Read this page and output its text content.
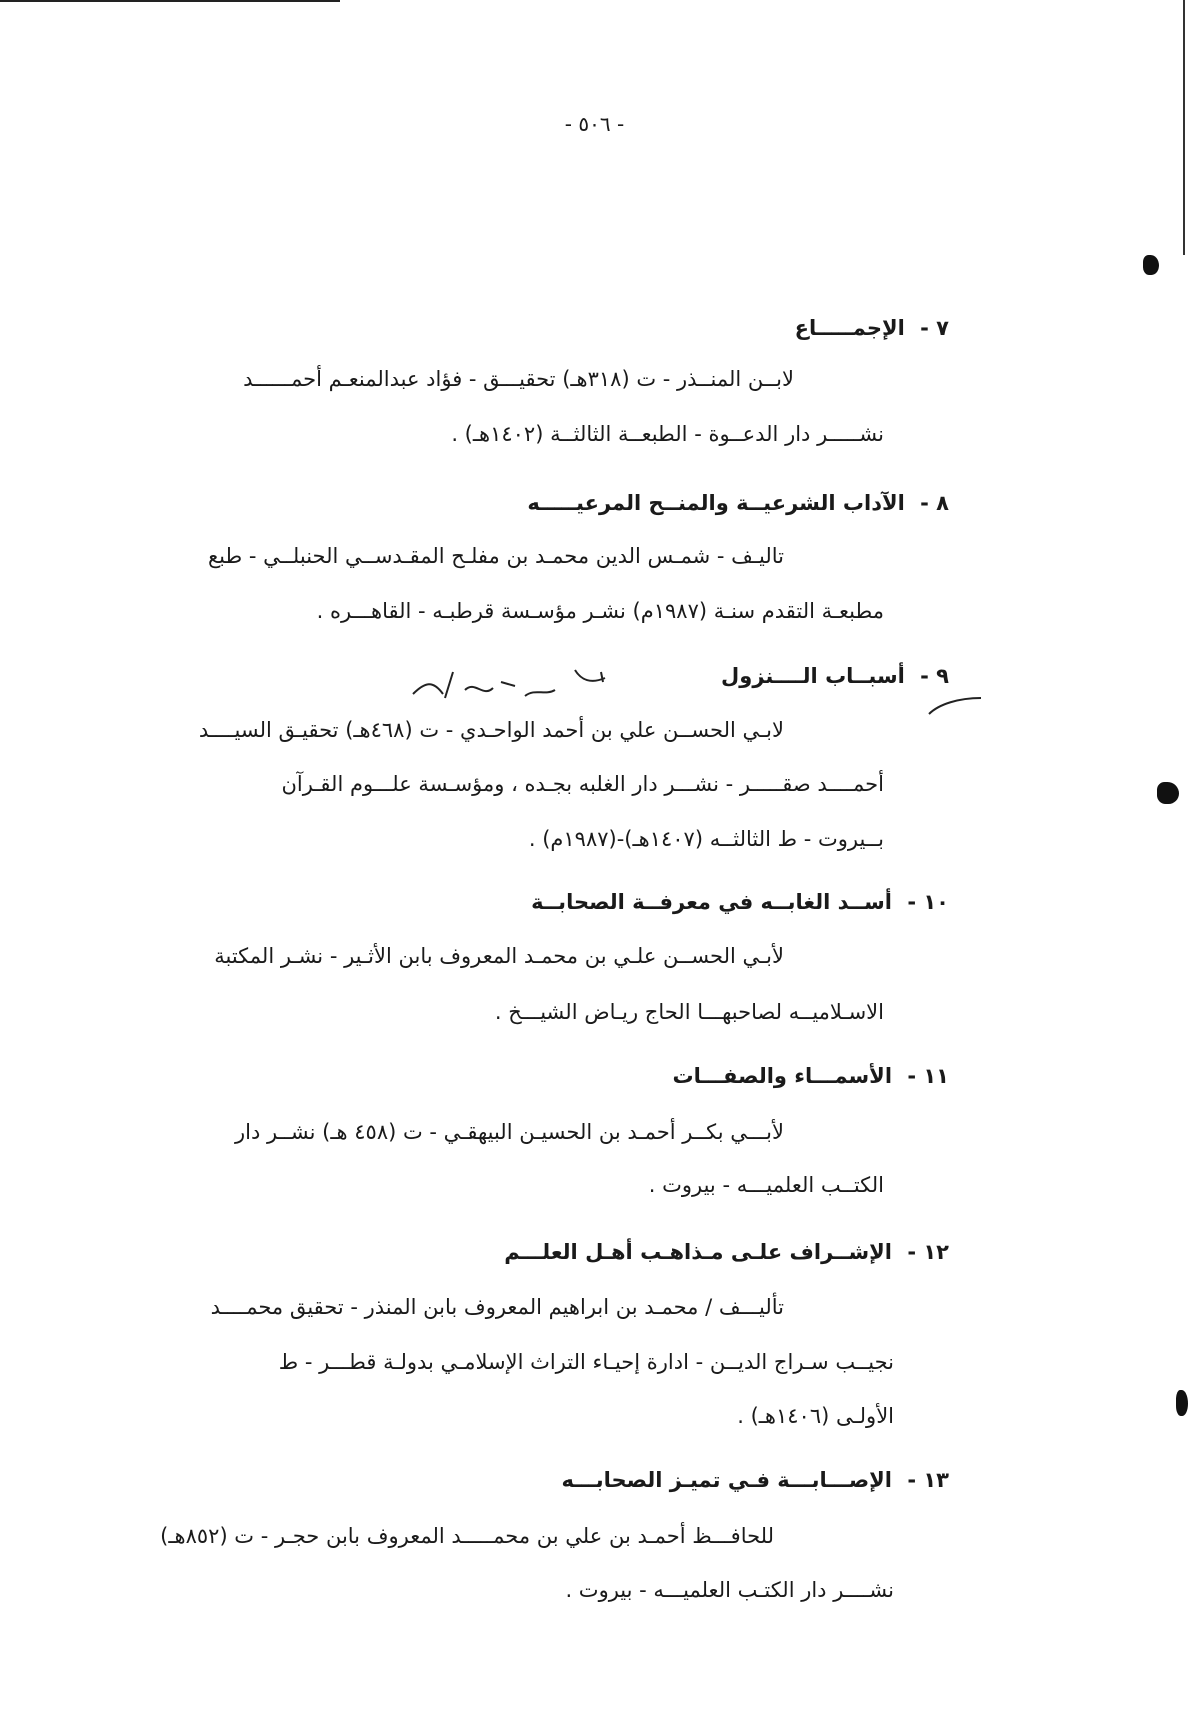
- ٥٠٦ -
٧ - الإجمـــــاع
لابــن المنــذر - ت (٣١٨هـ) تحقيـــق - فؤاد عبدالمنعـم أحمــــــد
نشـــــر دار الدعــوة - الطبعــة الثالثــة (١٤٠٢هـ) .
٨ - الآداب الشرعيــة والمنــح المرعيـــــه
تاليـف - شمـس الدين محمـد بن مفلـح المقـدســي الحنبلــي - طبع
مطبعـة التقدم سنـة (١٩٨٧م) نشـر مؤسـسة قرطبـه - القاهـــره .
٩ - أسبــاب الــــنزول
لابـي الحســن علي بن أحمد الواحـدي - ت (٤٦٨هـ) تحقيـق السيــــد
أحمــــد صقـــــر - نشـــر دار الغلبه بجـده ، ومؤسـسة علـــوم القـرآن
بــيروت - ط الثالثــه (١٤٠٧هـ)-(١٩٨٧م) .
١٠ - أســد الغابــه في معرفــة الصحابــة
لأبـي الحســن علـي بن محمـد المعروف بابن الأثـير - نشـر المكتبة
الاسـلاميــه لصاحبهـــا الحاج ريـاض الشيـــخ .
١١ - الأسمـــاء والصفـــات
لأبـــي بكــر أحمـد بن الحسيـن البيهقـي - ت (٤٥٨ هـ) نشــر دار
الكتــب العلميـــه - بيروت .
١٢ - الإشــراف علـى مـذاهـب أهـل العلـــم
تأليـــف / محمـد بن ابراهيم المعروف بابن المنذر - تحقيق محمــــد
نجيــب سـراج الديــن - ادارة إحيـاء التراث الإسلامـي بدولـة قطـــر - ط
الأولـى (١٤٠٦هـ) .
١٣ - الإصـــابـــة فـي تميـز الصحابـــه
للحافـــظ أحمـد بن علي بن محمـــــد المعروف بابن حجـر - ت (٨٥٢هـ)
نشــــر دار الكتـب العلميـــه - بيروت .
